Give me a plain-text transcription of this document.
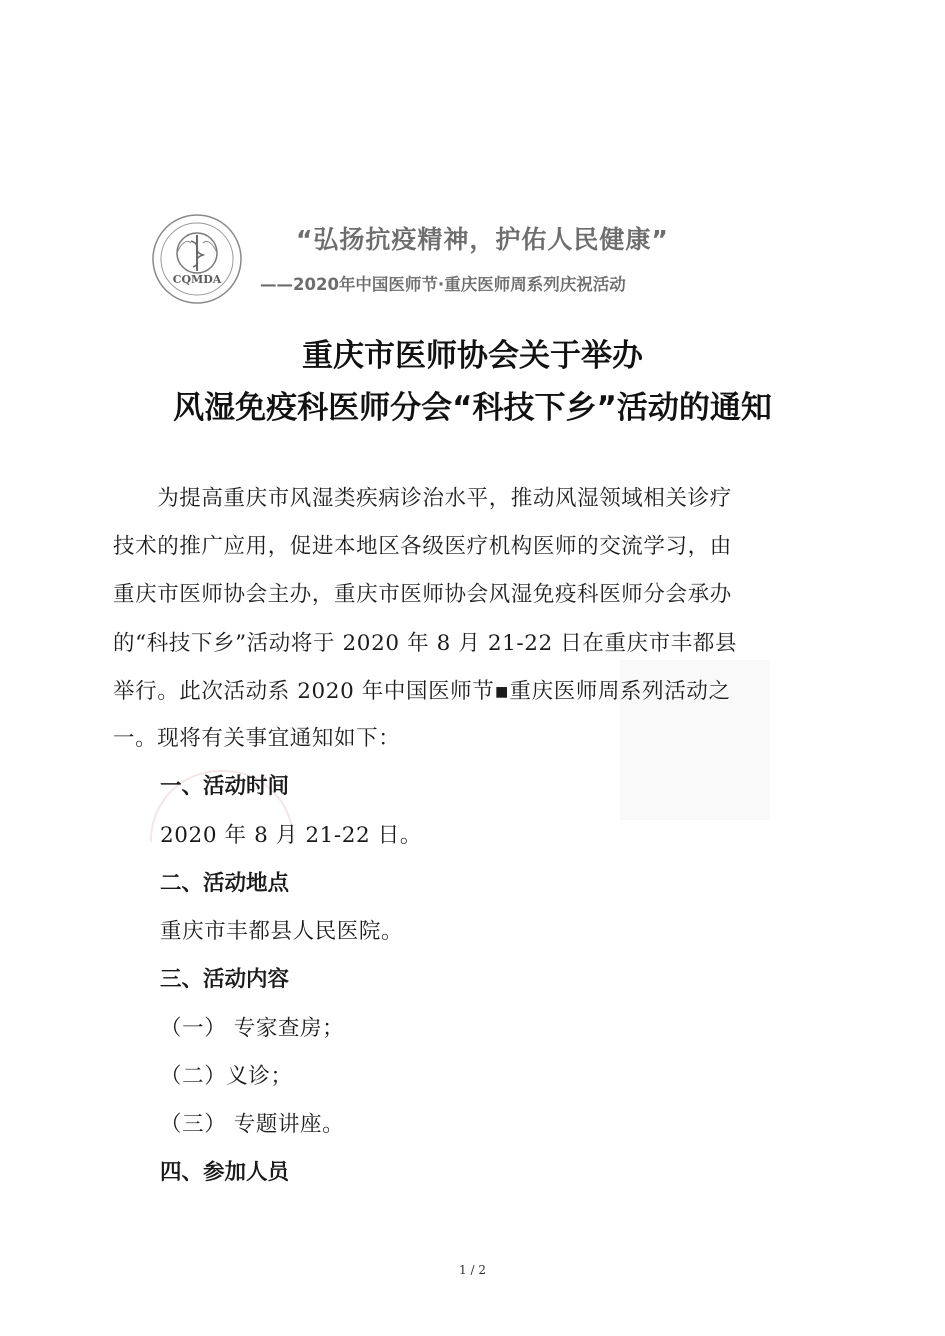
CQMDA
“弘扬抗疫精神，护佑人民健康”
——2020年中国医师节·重庆医师周系列庆祝活动
重庆市医师协会关于举办
风湿免疫科医师分会“科技下乡”活动的通知
　　为提高重庆市风湿类疾病诊治水平，推动风湿领域相关诊疗
技术的推广应用，促进本地区各级医疗机构医师的交流学习，由
重庆市医师协会主办，重庆市医师协会风湿免疫科医师分会承办
的“科技下乡”活动将于 2020 年 8 月 21-22 日在重庆市丰都县
举行。此次活动系 2020 年中国医师节▪重庆医师周系列活动之
一。现将有关事宜通知如下：
一、活动时间
2020 年 8 月 21-22 日。
二、活动地点
重庆市丰都县人民医院。
三、活动内容
（一） 专家查房；
（二）义诊；
（三） 专题讲座。
四、参加人员
1 / 2
